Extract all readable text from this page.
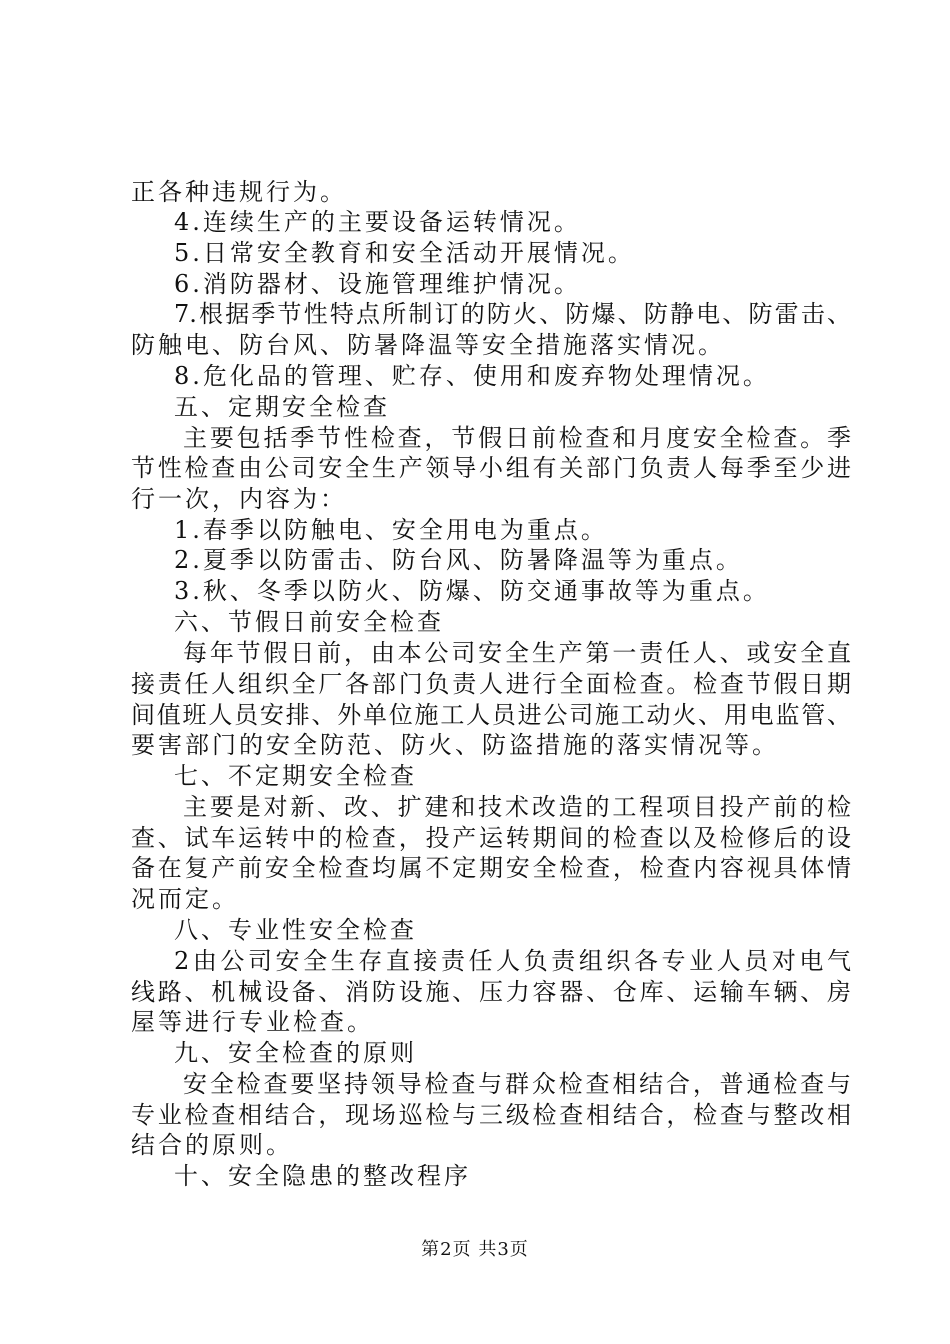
正各种违规行为。
4.连续生产的主要设备运转情况。
5.日常安全教育和安全活动开展情况。
6.消防器材、设施管理维护情况。
7.根据季节性特点所制订的防火、防爆、防静电、防雷击、
防触电、防台风、防暑降温等安全措施落实情况。
8.危化品的管理、贮存、使用和废弃物处理情况。
五、定期安全检查
主要包括季节性检查，节假日前检查和月度安全检查。季
节性检查由公司安全生产领导小组有关部门负责人每季至少进
行一次，内容为：
1.春季以防触电、安全用电为重点。
2.夏季以防雷击、防台风、防暑降温等为重点。
3.秋、冬季以防火、防爆、防交通事故等为重点。
六、节假日前安全检查
每年节假日前，由本公司安全生产第一责任人、或安全直
接责任人组织全厂各部门负责人进行全面检查。检查节假日期
间值班人员安排、外单位施工人员进公司施工动火、用电监管、
要害部门的安全防范、防火、防盗措施的落实情况等。
七、不定期安全检查
主要是对新、改、扩建和技术改造的工程项目投产前的检
查、试车运转中的检查，投产运转期间的检查以及检修后的设
备在复产前安全检查均属不定期安全检查，检查内容视具体情
况而定。
八、专业性安全检查
2由公司安全生存直接责任人负责组织各专业人员对电气
线路、机械设备、消防设施、压力容器、仓库、运输车辆、房
屋等进行专业检查。
九、安全检查的原则
安全检查要坚持领导检查与群众检查相结合，普通检查与
专业检查相结合，现场巡检与三级检查相结合，检查与整改相
结合的原则。
十、安全隐患的整改程序
第2页 共3页
